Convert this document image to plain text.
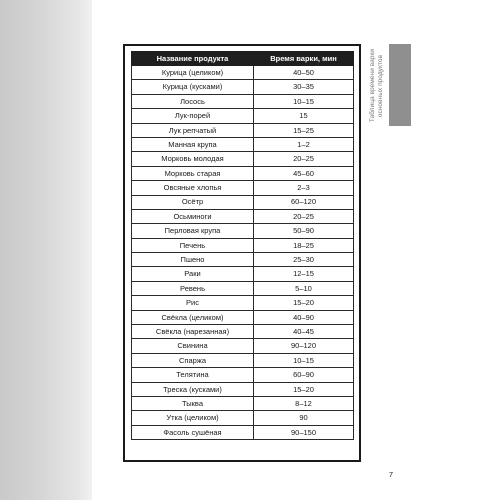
Название продукта	Время варки, мин
Курица (целиком)	40–50
Курица (кусками)	30–35
Лосось	10–15
Лук-порей	15
Лук репчатый	15–25
Манная крупа	1–2
Морковь молодая	20–25
Морковь старая	45–60
Овсяные хлопья	2–3
Осётр	60–120
Осьминоги	20–25
Перловая крупа	50–90
Печень	18–25
Пшено	25–30
Раки	12–15
Ревень	5–10
Рис	15–20
Свёкла (целиком)	40–90
Свёкла (нарезанная)	40–45
Свинина	90–120
Спаржа	10–15
Телятина	60–90
Треска (кусками)	15–20
Тыква	8–12
Утка (целиком)	90
Фасоль сушёная	90–150
Таблица времени варки основных продуктов
7
